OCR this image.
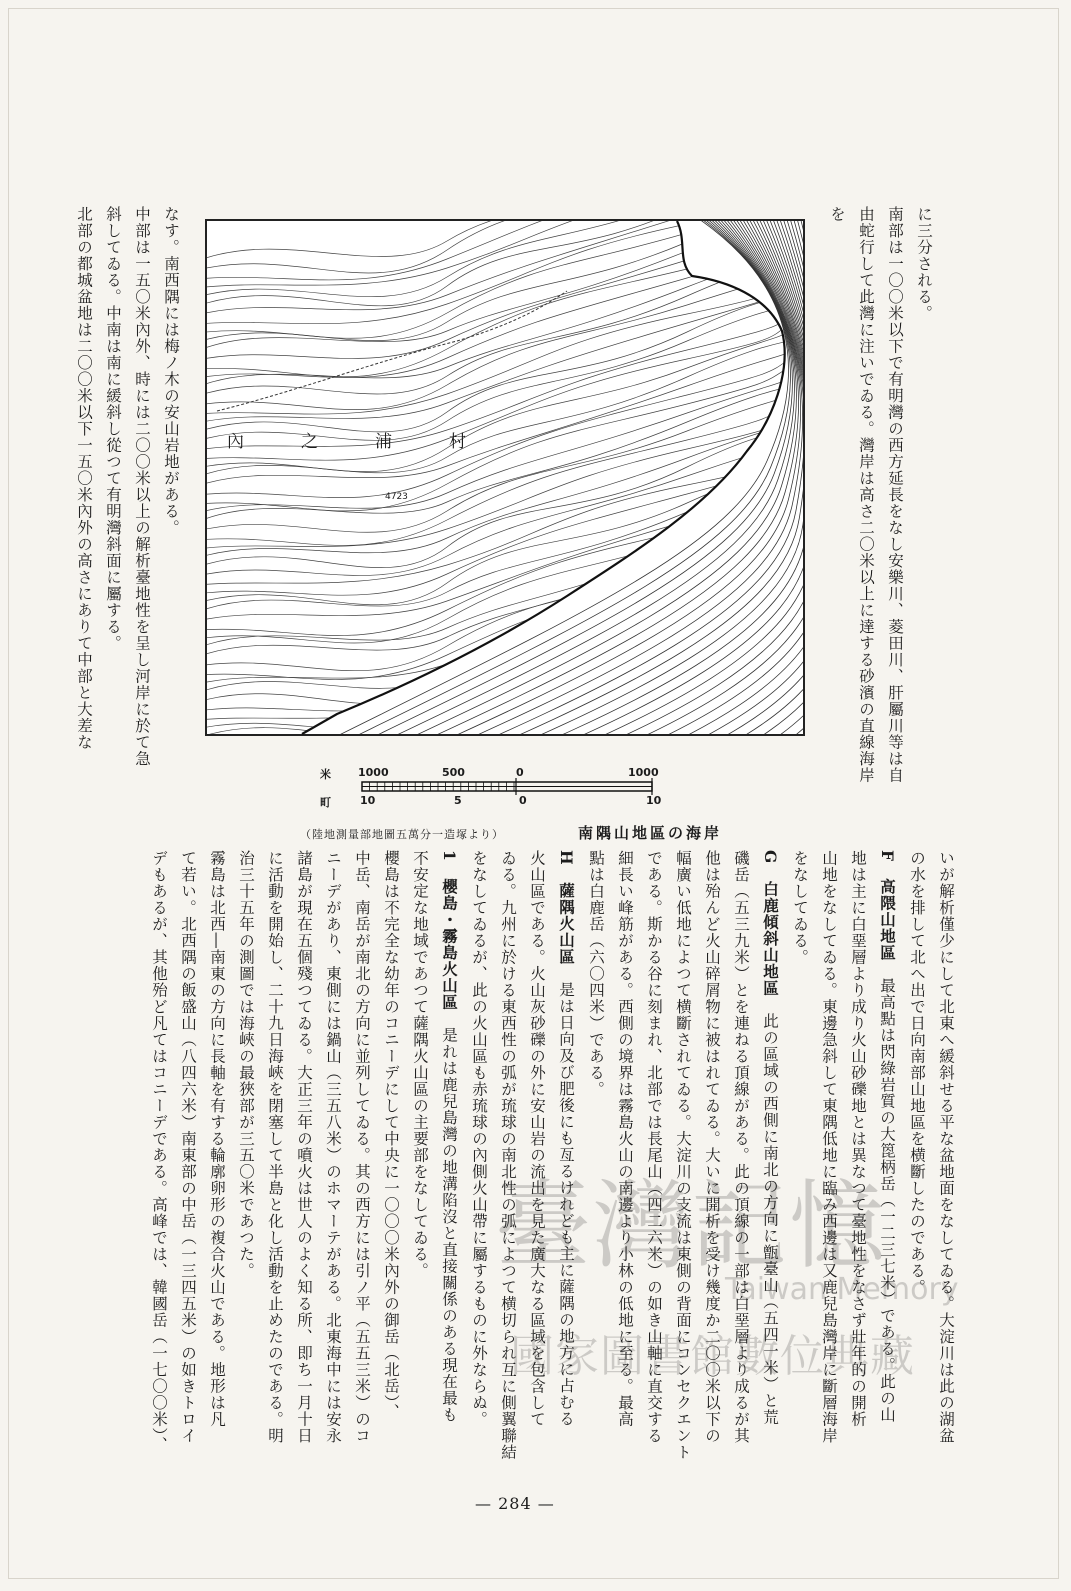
に三分される。

南部は一〇〇米以下で有明灣の西方延長をなし安樂川、菱田川、肝屬川等は自

由蛇行して此灣に注いでゐる。灣岸は高さ二〇米以上に達する砂濱の直線海岸を

なす。南西隅には梅ノ木の安山岩地がある。

中部は一五〇米內外、時には二〇〇米以上の解析臺地性を呈し河岸に於て急

斜してゐる。中南は南に緩斜し從つて有明灣斜面に屬する。

北部の都城盆地は二〇〇米以下一五〇米內外の高さにありて中部と大差な	內　之　浦　村
4723
米
町
1000	500	0	1000
10	5	0	10
（陸地測量部地圖五萬分一造塚より）	南隅山地區の海岸

いが解析僅少にして北東へ緩斜せる平な盆地面をなしてゐる。大淀川は此の湖盆

の水を排して北へ出で日向南部山地區を横斷したのである。

F　高隈山地區　最高點は閃綠岩質の大箆柄岳（一二三七米）である。此の山

地は主に白堊層より成り火山砂礫地とは異なつて臺地性をなさず壯年的の開析

山地をなしてゐる。東邊急斜して東隅低地に臨み西邊は又鹿兒島灣岸に斷層海岸

をなしてゐる。

G　白鹿傾斜山地區　此の區域の西側に南北の方向に甑臺山（五四一米）と荒

磯岳（五三九米）とを連ねる頂線がある。此の頂線の一部は白堊層より成るが其

他は殆んど火山碎屑物に被はれてゐる。大いに開析を受け幾度か二〇〇米以下の

幅廣い低地によつて横斷されてゐる。大淀川の支流は東側の背面にコンセクエント

である。斯かる谷に刻まれ、北部では長尾山（四二六米）の如き山軸に直交する

細長い峰筋がある。西側の境界は霧島火山の南邊より小林の低地に至る。最高

點は白鹿岳（六〇四米）である。

H　薩隅火山區　是は日向及び肥後にも亙るけれども主に薩隅の地方に占むる

火山區である。火山灰砂礫の外に安山岩の流出を見た廣大なる區域を包含して

ゐる。九州に於ける東西性の弧が琉球の南北性の弧によつて横切られ互に側翼聯結

をなしてゐるが、此の火山區も赤琉球の內側火山帶に屬するものに外ならぬ。

1　櫻島・霧島火山區　是れは鹿兒島灣の地溝陷沒と直接關係のある現在最も

不安定な地域であつて薩隅火山區の主要部をなしてゐる。

櫻島は不完全な幼年のコニーデにして中央に一〇〇〇米內外の御岳（北岳）、

中岳、南岳が南北の方向に並列してゐる。其の西方には引ノ平（五五三米）のコ

ニーデがあり、東側には鍋山（三五八米）のホマーテがある。北東海中には安永

諸島が現在五個殘つてゐる。大正三年の噴火は世人のよく知る所、即ち一月十日

に活動を開始し、二十九日海峽を閉塞して半島と化し活動を止めたのである。明

治三十五年の測圖では海峽の最狹部が三五〇米であつた。

霧島は北西―南東の方向に長軸を有する輪廓卵形の複合火山である。地形は凡

て若い。北西隅の飯盛山（八四六米）南東部の中岳（一三四五米）の如きトロイ

デもあるが、其他殆ど凡てはコニーデである。高峰では、韓國岳（一七〇〇米）、	臺灣記憶
Taiwan Memory
國家圖書館數位典藏
— 284 —
